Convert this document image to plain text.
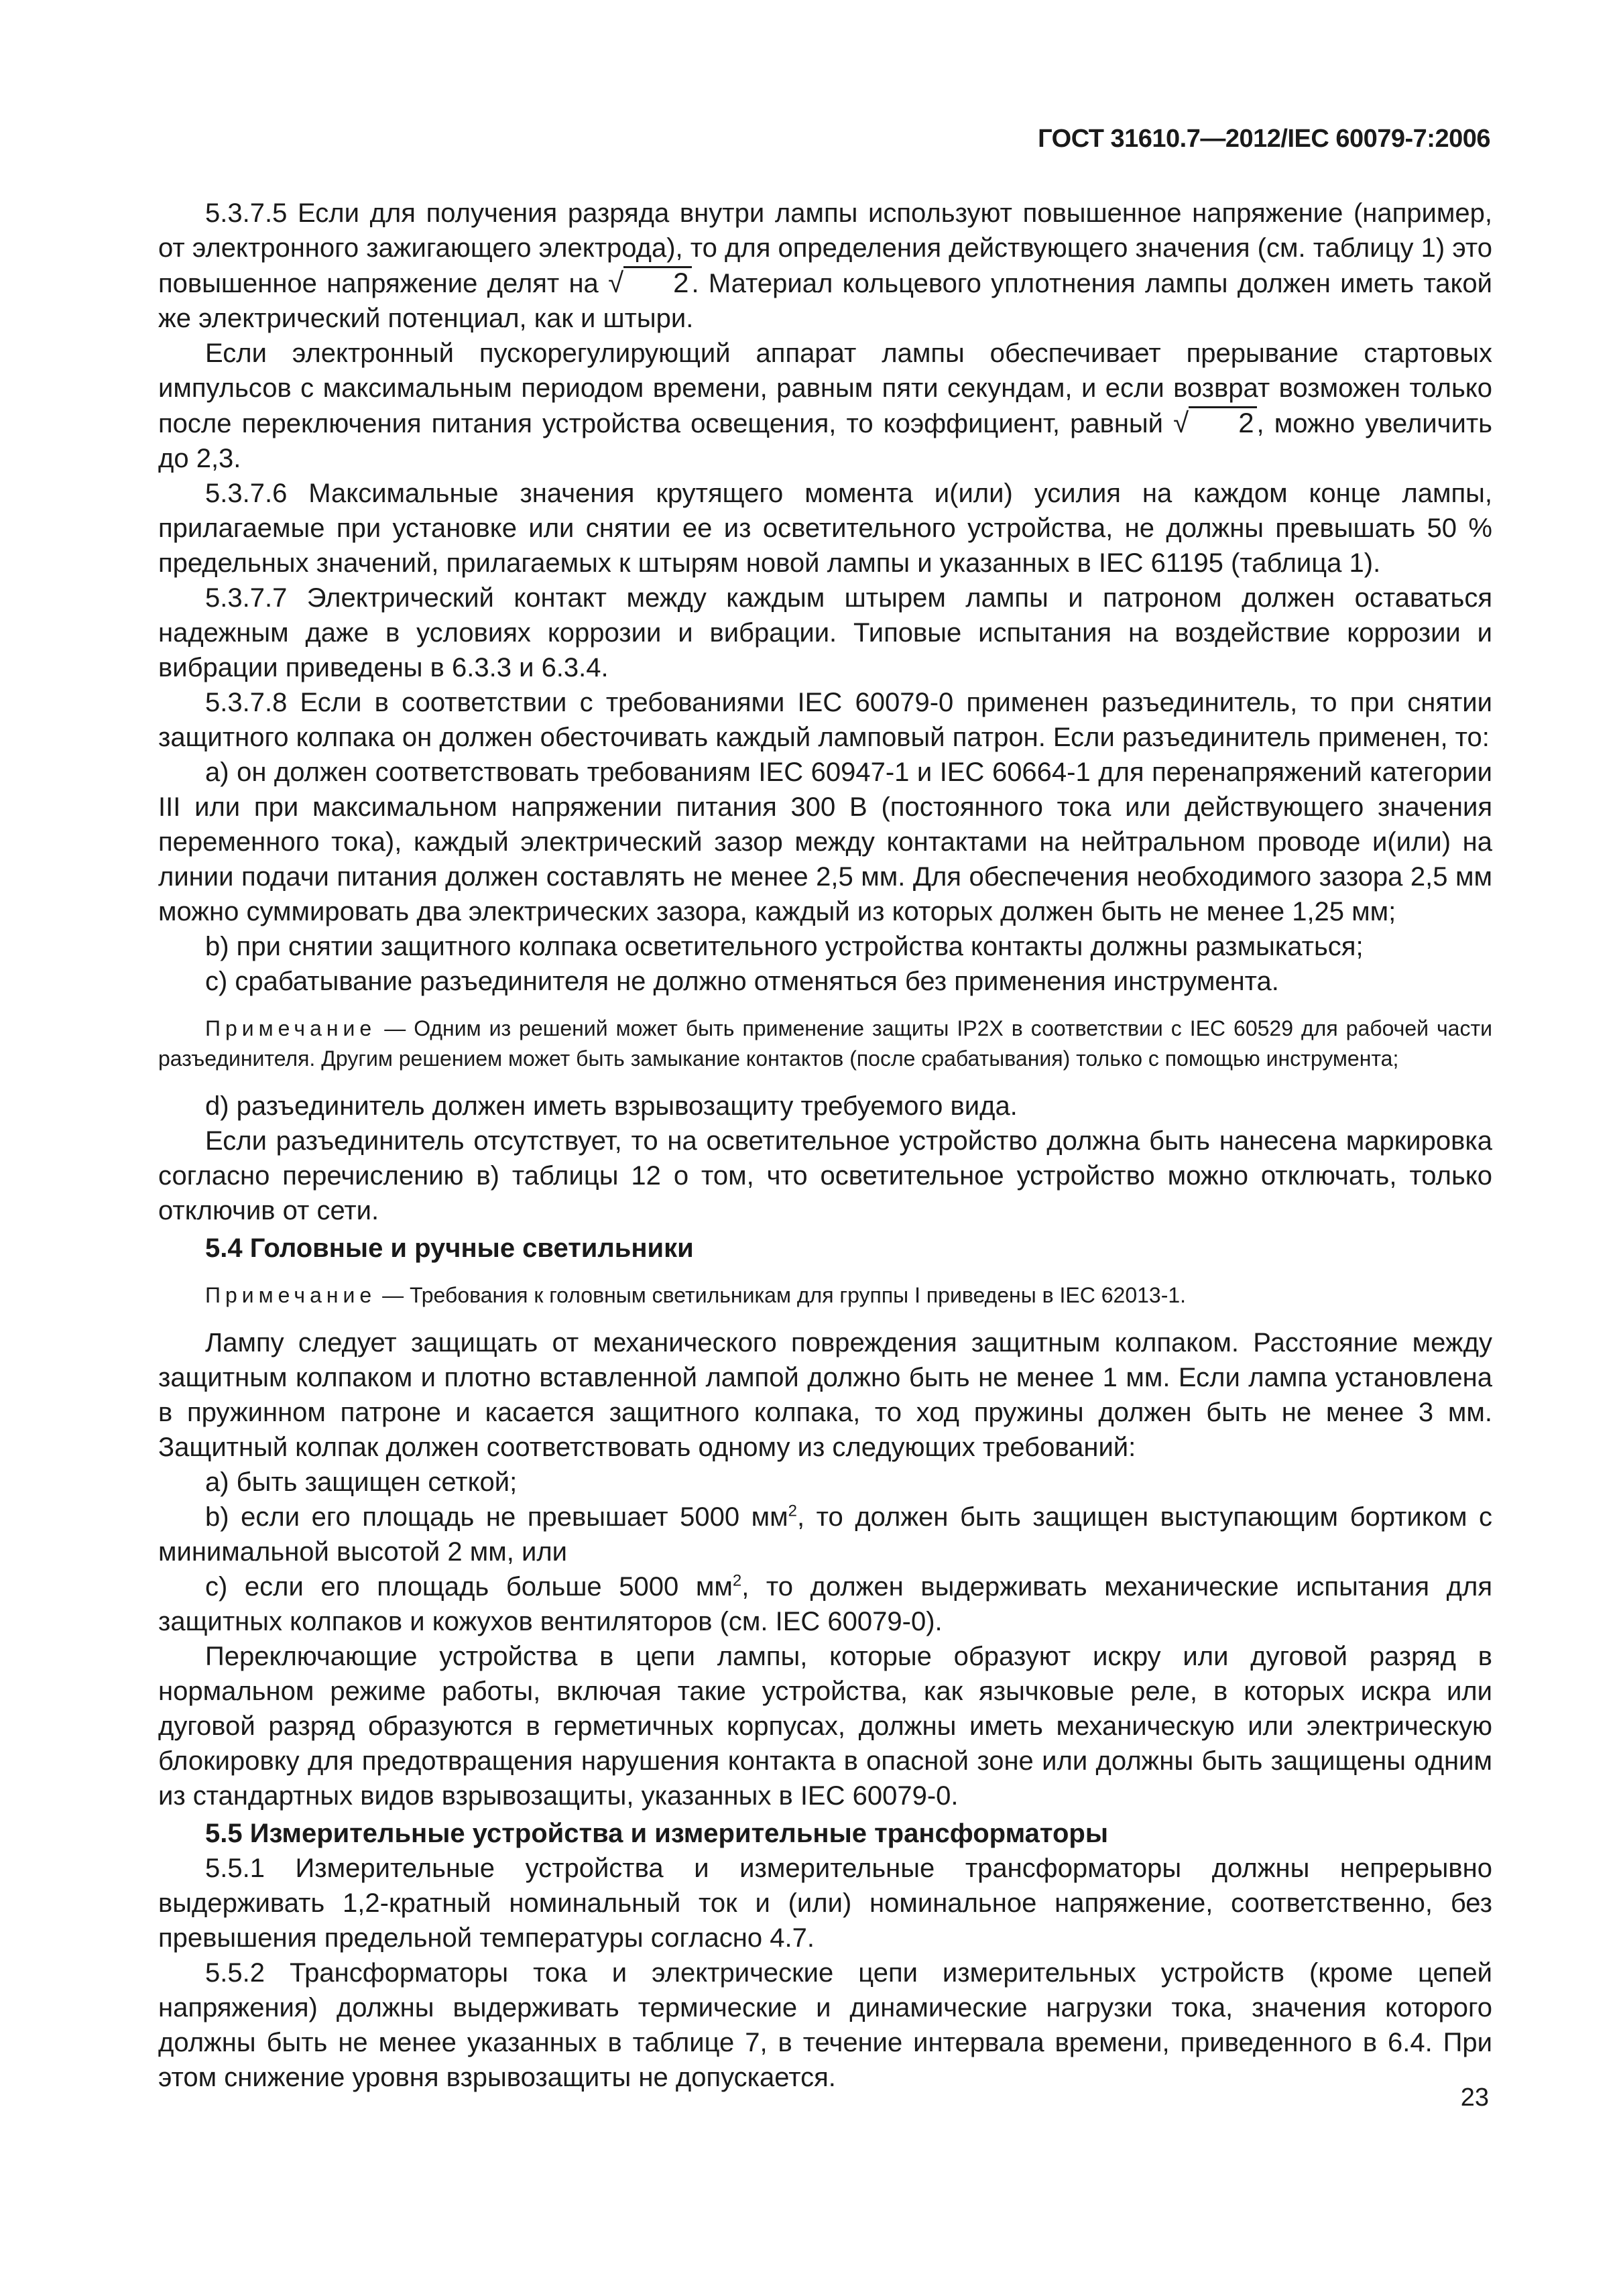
ГОСТ 31610.7—2012/IEC 60079-7:2006

5.3.7.5 Если для получения разряда внутри лампы используют повышенное напряжение (например, от электронного зажигающего электрода), то для определения действующего значения (см. таблицу 1) это повышенное напряжение делят на √ 2 . Материал кольцевого уплотнения лампы должен иметь такой же электрический потенциал, как и штыри.

Если электронный пускорегулирующий аппарат лампы обеспечивает прерывание стартовых импульсов с максимальным периодом времени, равным пяти секундам, и если возврат возможен только после переключения питания устройства освещения, то коэффициент, равный √ 2 , можно увеличить до 2,3.

5.3.7.6 Максимальные значения крутящего момента и(или) усилия на каждом конце лампы, прилагаемые при установке или снятии ее из осветительного устройства, не должны превышать 50 % предельных значений, прилагаемых к штырям новой лампы и указанных в IEC 61195 (таблица 1).

5.3.7.7 Электрический контакт между каждым штырем лампы и патроном должен оставаться надежным даже в условиях коррозии и вибрации. Типовые испытания на воздействие коррозии и вибрации приведены в 6.3.3 и 6.3.4.

5.3.7.8 Если в соответствии с требованиями IEC 60079-0 применен разъединитель, то при снятии защитного колпака он должен обесточивать каждый ламповый патрон. Если разъединитель применен, то:

a) он должен соответствовать требованиям IEC 60947-1 и IEC 60664-1 для перенапряжений категории III или при максимальном напряжении питания 300 В (постоянного тока или действующего значения переменного тока), каждый электрический зазор между контактами на нейтральном проводе и(или) на линии подачи питания должен составлять не менее 2,5 мм. Для обеспечения необходимого зазора 2,5 мм можно суммировать два электрических зазора, каждый из которых должен быть не менее 1,25 мм;

b) при снятии защитного колпака осветительного устройства контакты должны размыкаться;

c) срабатывание разъединителя не должно отменяться без применения инструмента.

Примечание — Одним из решений может быть применение защиты IP2X в соответствии с IEC 60529 для рабочей части разъединителя. Другим решением может быть замыкание контактов (после срабатывания) только с помощью инструмента;

d) разъединитель должен иметь взрывозащиту требуемого вида.

Если разъединитель отсутствует, то на осветительное устройство должна быть нанесена маркировка согласно перечислению в) таблицы 12 о том, что осветительное устройство можно отключать, только отключив от сети.

5.4 Головные и ручные светильники

Примечание — Требования к головным светильникам для группы I приведены в IEC 62013-1.

Лампу следует защищать от механического повреждения защитным колпаком. Расстояние между защитным колпаком и плотно вставленной лампой должно быть не менее 1 мм. Если лампа установлена в пружинном патроне и касается защитного колпака, то ход пружины должен быть не менее 3 мм. Защитный колпак должен соответствовать одному из следующих требований:

a) быть защищен сеткой;

b) если его площадь не превышает 5000 $мм^2$, то должен быть защищен выступающим бортиком с минимальной высотой 2 мм, или

c) если его площадь больше 5000 $мм^2$, то должен выдерживать механические испытания для защитных колпаков и кожухов вентиляторов (см. IEC 60079-0).

Переключающие устройства в цепи лампы, которые образуют искру или дуговой разряд в нормальном режиме работы, включая такие устройства, как язычковые реле, в которых искра или дуговой разряд образуются в герметичных корпусах, должны иметь механическую или электрическую блокировку для предотвращения нарушения контакта в опасной зоне или должны быть защищены одним из стандартных видов взрывозащиты, указанных в IEC 60079-0.

5.5 Измерительные устройства и измерительные трансформаторы

5.5.1 Измерительные устройства и измерительные трансформаторы должны непрерывно выдерживать 1,2-кратный номинальный ток и (или) номинальное напряжение, соответственно, без превышения предельной температуры согласно 4.7.

5.5.2 Трансформаторы тока и электрические цепи измерительных устройств (кроме цепей напряжения) должны выдерживать термические и динамические нагрузки тока, значения которого должны быть не менее указанных в таблице 7, в течение интервала времени, приведенного в 6.4. При этом снижение уровня взрывозащиты не допускается.

23
